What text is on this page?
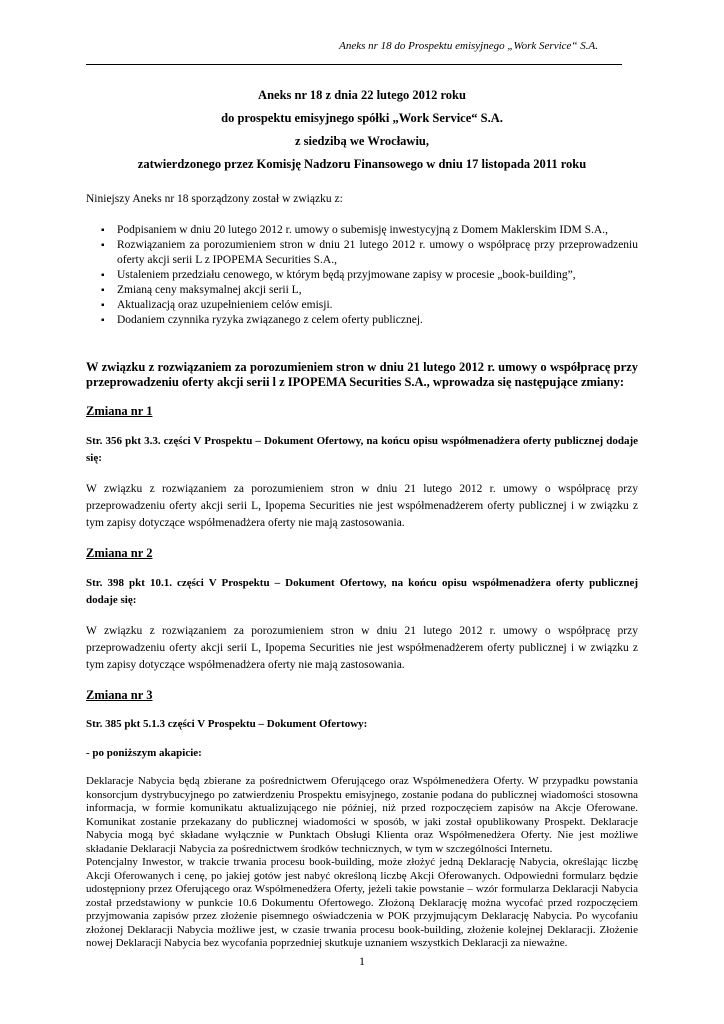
Aneks nr 18 do Prospektu emisyjnego „Work Service“ S.A.
Aneks nr 18 z dnia 22 lutego 2012 roku
do prospektu emisyjnego spółki „Work Service“ S.A.
z siedzibą we Wrocławiu,
zatwierdzonego przez Komisję Nadzoru Finansowego w dniu 17 listopada 2011 roku

Niniejszy Aneks nr 18 sporządzony został w związku z:

▪ Podpisaniem w dniu 20 lutego 2012 r. umowy o subemisję inwestycyjną z Domem Maklerskim IDM S.A.,
▪ Rozwiązaniem za porozumieniem stron w dniu 21 lutego 2012 r. umowy o współpracę przy przeprowadzeniu oferty akcji serii L z IPOPEMA Securities S.A.,
▪ Ustaleniem przedziału cenowego, w którym będą przyjmowane zapisy w procesie „book-building”,
▪ Zmianą ceny maksymalnej akcji serii L,
▪ Aktualizacją oraz uzupełnieniem celów emisji.
▪ Dodaniem czynnika ryzyka związanego z celem oferty publicznej.

W związku z rozwiązaniem za porozumieniem stron w dniu 21 lutego 2012 r. umowy o współpracę przy przeprowadzeniu oferty akcji serii l z IPOPEMA Securities S.A., wprowadza się następujące zmiany:

Zmiana nr 1

Str. 356 pkt 3.3. części V Prospektu – Dokument Ofertowy, na końcu opisu współmenadżera oferty publicznej dodaje się:

W związku z rozwiązaniem za porozumieniem stron w dniu 21 lutego 2012 r. umowy o współpracę przy przeprowadzeniu oferty akcji serii L, Ipopema Securities nie jest współmenadżerem oferty publicznej i w związku z tym zapisy dotyczące współmenadżera oferty nie mają zastosowania.

Zmiana nr 2

Str. 398 pkt 10.1. części V Prospektu – Dokument Ofertowy, na końcu opisu współmenadżera oferty publicznej dodaje się:

W związku z rozwiązaniem za porozumieniem stron w dniu 21 lutego 2012 r. umowy o współpracę przy przeprowadzeniu oferty akcji serii L, Ipopema Securities nie jest współmenadżerem oferty publicznej i w związku z tym zapisy dotyczące współmenadżera oferty nie mają zastosowania.

Zmiana nr 3

Str. 385 pkt 5.1.3 części V Prospektu – Dokument Ofertowy:

- po poniższym akapicie:

Deklaracje Nabycia będą zbierane za pośrednictwem Oferującego oraz Współmenedżera Oferty. W przypadku powstania konsorcjum dystrybucyjnego po zatwierdzeniu Prospektu emisyjnego, zostanie podana do publicznej wiadomości stosowna informacja, w formie komunikatu aktualizującego nie później, niż przed rozpoczęciem zapisów na Akcje Oferowane. Komunikat zostanie przekazany do publicznej wiadomości w sposób, w jaki został opublikowany Prospekt. Deklaracje Nabycia mogą być składane wyłącznie w Punktach Obsługi Klienta oraz Współmenedżera Oferty. Nie jest możliwe składanie Deklaracji Nabycia za pośrednictwem środków technicznych, w tym w szczególności Internetu.

Potencjalny Inwestor, w trakcie trwania procesu book-building, może złożyć jedną Deklarację Nabycia, określając liczbę Akcji Oferowanych i cenę, po jakiej gotów jest nabyć określoną liczbę Akcji Oferowanych. Odpowiedni formularz będzie udostępniony przez Oferującego oraz Współmenedżera Oferty, jeżeli takie powstanie – wzór formularza Deklaracji Nabycia został przedstawiony w punkcie 10.6 Dokumentu Ofertowego. Złożoną Deklarację można wycofać przed rozpoczęciem przyjmowania zapisów przez złożenie pisemnego oświadczenia w POK przyjmującym Deklarację Nabycia. Po wycofaniu złożonej Deklaracji Nabycia możliwe jest, w czasie trwania procesu book-building, złożenie kolejnej Deklaracji. Złożenie nowej Deklaracji Nabycia bez wycofania poprzedniej skutkuje uznaniem wszystkich Deklaracji za nieważne.

1
